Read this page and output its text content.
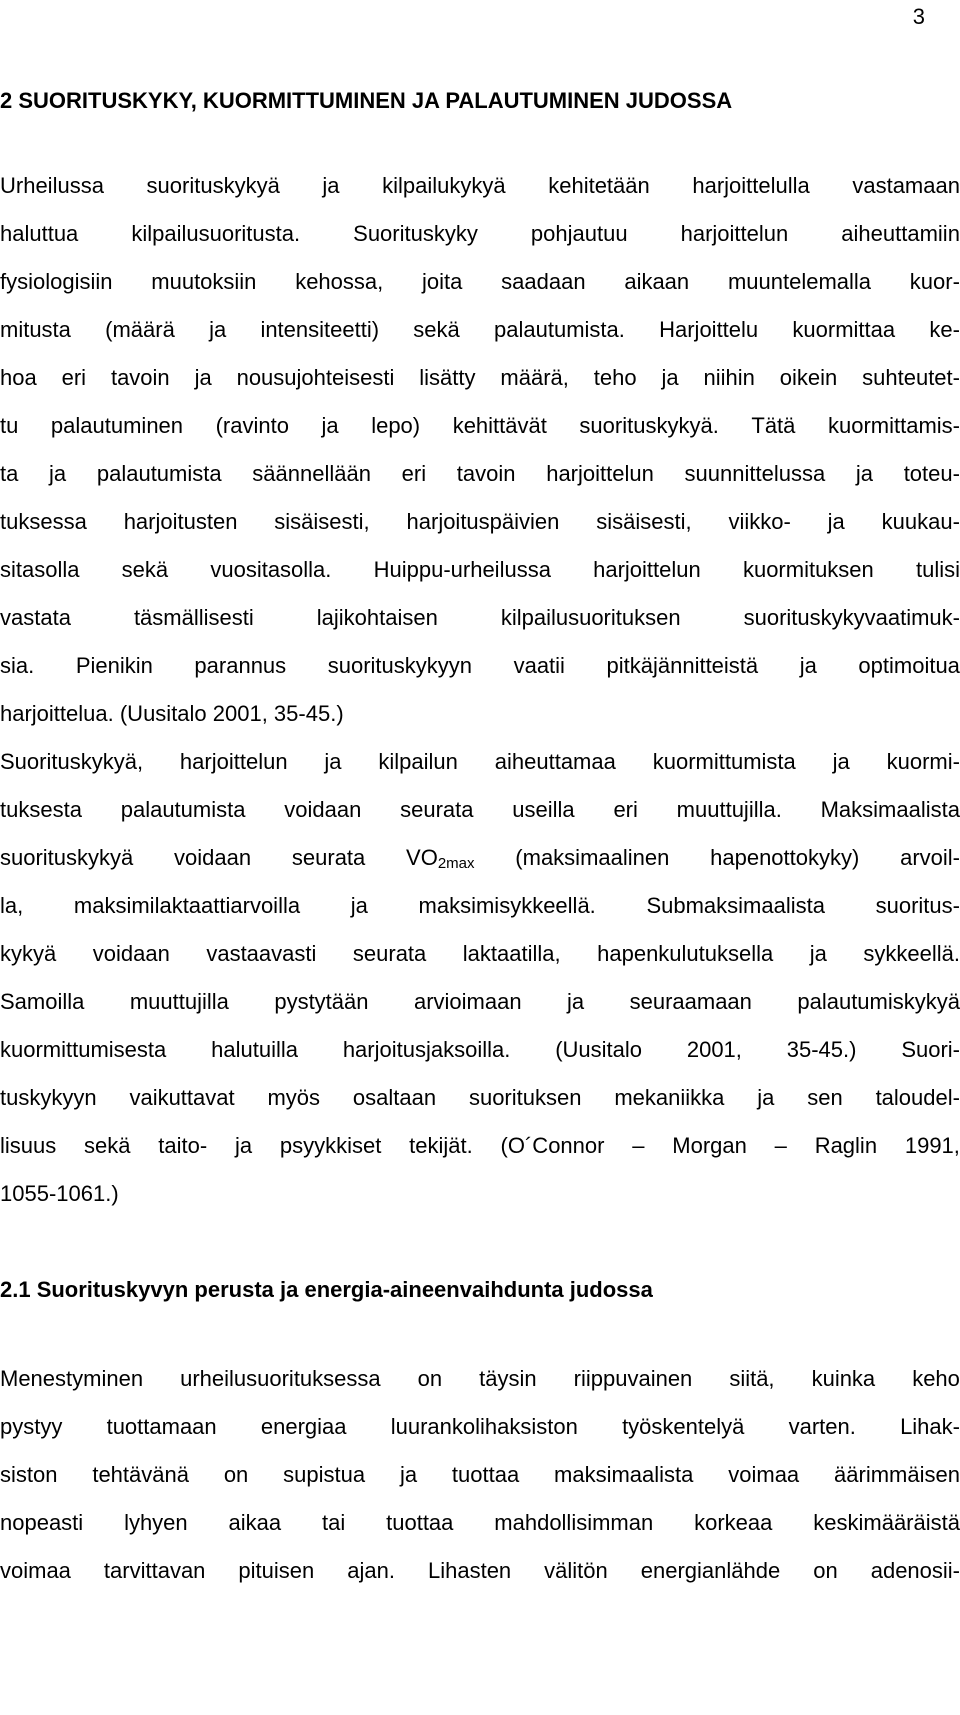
3
2 SUORITUSKYKY, KUORMITTUMINEN JA PALAUTUMINEN JUDOSSA
Urheilussa suorituskykyä ja kilpailukykyä kehitetään harjoittelulla vastamaan
haluttua kilpailusuoritusta. Suorituskyky pohjautuu harjoittelun aiheuttamiin
fysiologisiin muutoksiin kehossa, joita saadaan aikaan muuntelemalla kuor-
mitusta (määrä ja intensiteetti) sekä palautumista. Harjoittelu kuormittaa ke-
hoa eri tavoin ja nousujohteisesti lisätty määrä, teho ja niihin oikein suhteutet-
tu palautuminen (ravinto ja lepo) kehittävät suorituskykyä. Tätä kuormittamis-
ta ja palautumista säännellään eri tavoin harjoittelun suunnittelussa ja toteu-
tuksessa harjoitusten sisäisesti, harjoituspäivien sisäisesti, viikko- ja kuukau-
sitasolla sekä vuositasolla. Huippu-urheilussa harjoittelun kuormituksen tulisi
vastata	täsmällisesti	lajikohtaisen	kilpailusuorituksen	suorituskykyvaatimuk-
sia. Pienikin parannus suorituskykyyn vaatii pitkäjännitteistä ja optimoitua
harjoittelua. (Uusitalo 2001, 35-45.)
Suorituskykyä, harjoittelun ja kilpailun aiheuttamaa kuormittumista ja kuormi-
tuksesta palautumista voidaan seurata useilla eri muuttujilla. Maksimaalista
suorituskykyä voidaan seurata $VO_{2max}$ (maksimaalinen hapenottokyky) arvoil-
la, maksimilaktaattiarvoilla ja maksimisykkeellä. Submaksimaalista suoritus-
kykyä voidaan vastaavasti seurata laktaatilla, hapenkulutuksella ja sykkeellä.
Samoilla muuttujilla pystytään arvioimaan ja seuraamaan palautumiskykyä
kuormittumisesta halutuilla harjoitusjaksoilla. (Uusitalo 2001, 35-45.) Suori-
tuskykyyn vaikuttavat myös osaltaan suorituksen mekaniikka ja sen taloudel-
lisuus sekä taito- ja psyykkiset tekijät. (O´Connor – Morgan – Raglin 1991,
1055-1061.)
2.1 Suorituskyvyn perusta ja energia-aineenvaihdunta judossa
Menestyminen urheilusuorituksessa on täysin riippuvainen siitä, kuinka keho
pystyy tuottamaan energiaa luurankolihaksiston työskentelyä varten. Lihak-
siston tehtävänä on supistua ja tuottaa maksimaalista voimaa äärimmäisen
nopeasti lyhyen aikaa tai tuottaa mahdollisimman korkeaa keskimääräistä
voimaa tarvittavan pituisen ajan. Lihasten välitön energianlähde on adenosii-
